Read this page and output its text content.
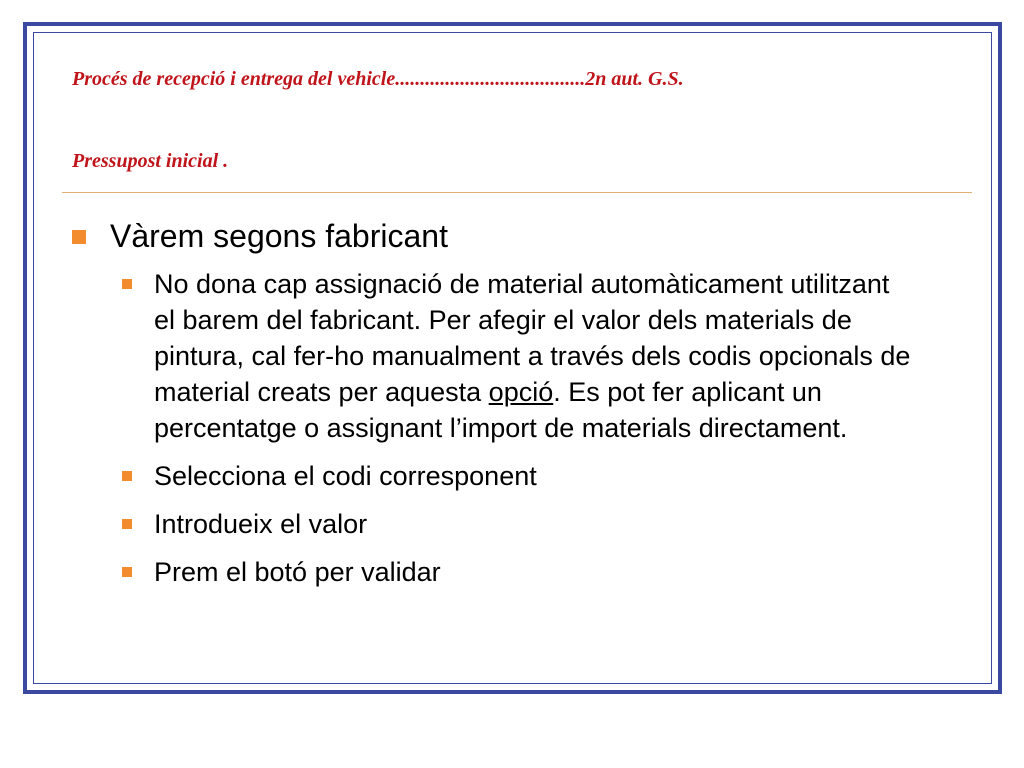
Procés de recepció i entrega del vehicle......................................2n aut. G.S.
Pressupost inicial .
Vàrem segons fabricant
No dona cap assignació de material automàticament utilitzant el barem del fabricant. Per afegir el valor dels materials de pintura, cal fer-ho manualment a través dels codis opcionals de material creats per aquesta opció. Es pot fer aplicant un percentatge o assignant l’import de materials directament.
Selecciona el codi corresponent
Introdueix el valor
Prem el botó per validar
